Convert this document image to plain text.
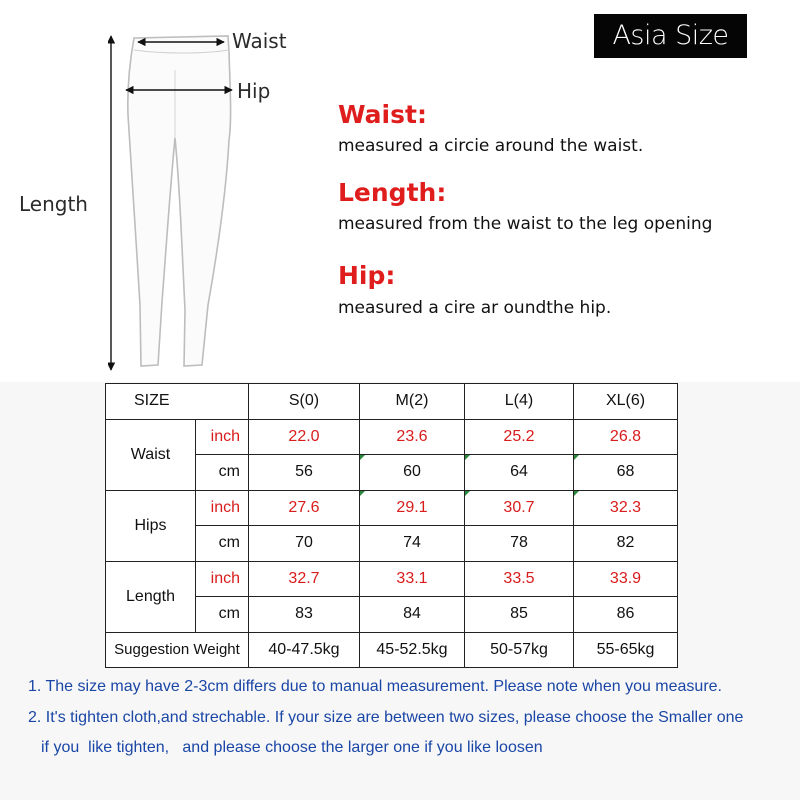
Asia Size
Waist
Hip
Length
Waist:
measured a circie around the waist.
Length:
measured from the waist to the leg opening
Hip:
measured a cire ar oundthe hip.
SIZE		S(0)	M(2)	L(4)	XL(6)
Waist	inch	22.0	23.6	25.2	26.8
	cm	56	60	64	68
Hips	inch	27.6	29.1	30.7	32.3
	cm	70	74	78	82
Length	inch	32.7	33.1	33.5	33.9
	cm	83	84	85	86
Suggestion Weight		40-47.5kg	45-52.5kg	50-57kg	55-65kg
1. The size may have 2-3cm differs due to manual measurement. Please note when you measure.
2. It's tighten cloth,and strechable. If your size are between two sizes, please choose the Smaller one
if you  like tighten,   and please choose the larger one if you like loosen
